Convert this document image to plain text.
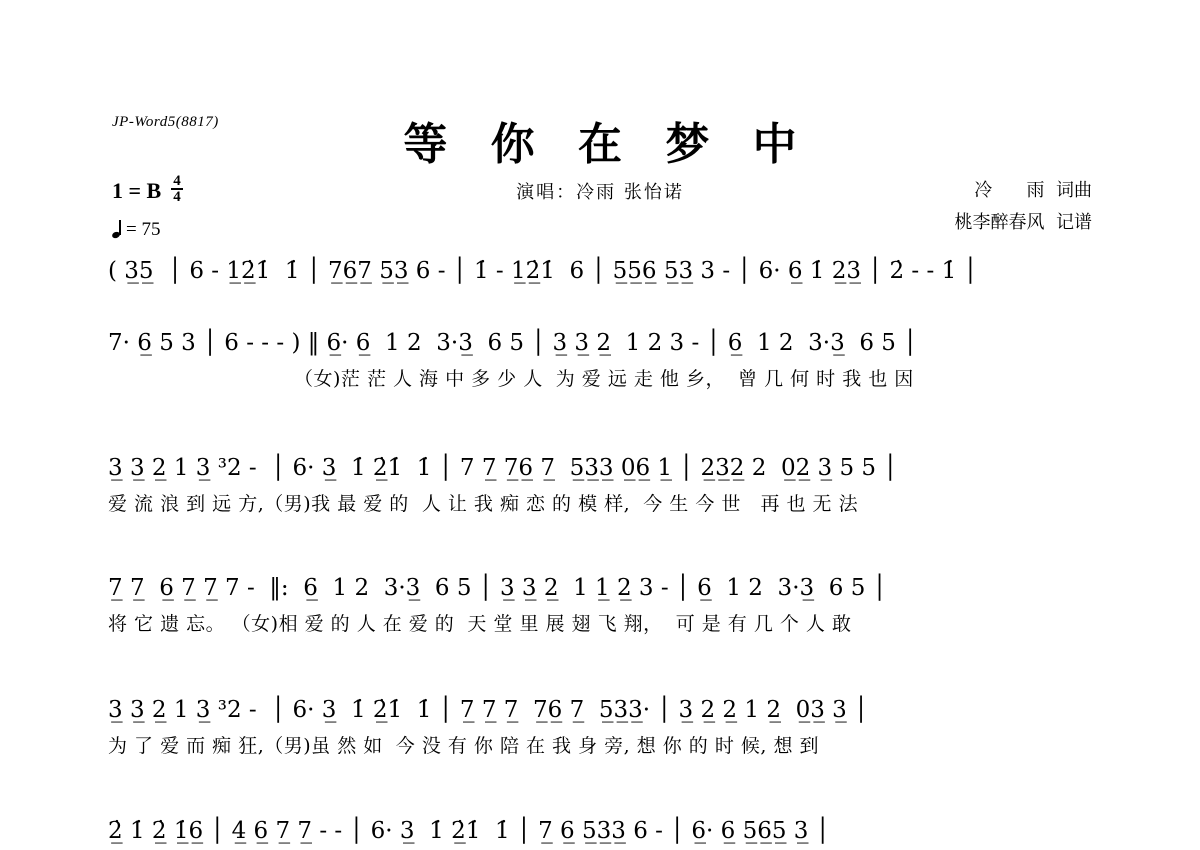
JP-Word5(8817)	等 你 在 梦 中
演唱：冷雨 张怡诺	冷      雨  词曲
桃李醉春风  记谱
1 = B $\frac{4}{4}$
= 75
( 3̲5̲  │ 6 - 1̲2̲̇1̇  1̇ │ 7̲6̲7̲ 5̲3̲ 6 - │ 1̇ - 1̲2̲̇1̇  6 │ 5̲5̲6̲ 5̲3̲ 3 - │ 6· 6̲ 1̇ 2̲3̲ │ 2̇ - - 1̇ │
7· 6̲ 5 3 │ 6 - - - ) ‖ 6̲· 6̲  1 2  3·3̲  6 5 │ 3̲ 3̲ 2̲  1 2 3 - │ 6̲  1 2  3·3̲  6 5 │
（女)茫 茫 人 海 中 多 少 人  为 爱 远 走 他 乡，  曾 几 何 时 我 也 因
3̲ 3̲ 2̲ 1 3̲ ³2 -  │ 6· 3̲  1̇ 2̲̇1̇  1̇ │ 7 7̲ 7̲6̲ 7̲  5̲3̲3̲ 0̲6̲ 1̲ │ 2̲3̲2̲ 2  0̲2̲ 3̲ 5 5 │
爱 流 浪 到 远 方,（男)我 最 爱 的  人 让 我 痴 恋 的 模 样,  今 生 今 世   再 也 无 法
7̲ 7̲  6̲ 7̲ 7̲ 7 -  ‖:  6̲  1 2  3·3̲  6 5 │ 3̲ 3̲ 2̲  1 1̲ 2̲ 3 - │ 6̲  1 2  3·3̲  6 5 │
将 它 遗 忘。 （女)相 爱 的 人 在 爱 的  天 堂 里 展 翅 飞 翔，  可 是 有 几 个 人 敢
3̲ 3̲ 2̲ 1 3̲ ³2 -  │ 6· 3̲  1̇ 2̲̇1̇  1̇ │ 7̲ 7̲ 7̲  7̲6̲ 7̲  5̲3̲3̲· │ 3̲ 2̲ 2̲ 1 2̲  0̲3̲ 3̲ │
为 了 爱 而 痴 狂,（男)虽 然 如  今 没 有 你 陪 在 我 身 旁, 想 你 的 时 候, 想 到
2̲̇ 1̇ 2̲̇ 1̲̇6̲ │ 4̲ 6̲ 7̲ 7̲ - - │ 6· 3̲  1̇ 2̲̇1̇  1̇ │ 7̲ 6̲ 5̲3̲3̲ 6 - │ 6̲· 6̲ 5̲6̲5̲ 3̲ │
